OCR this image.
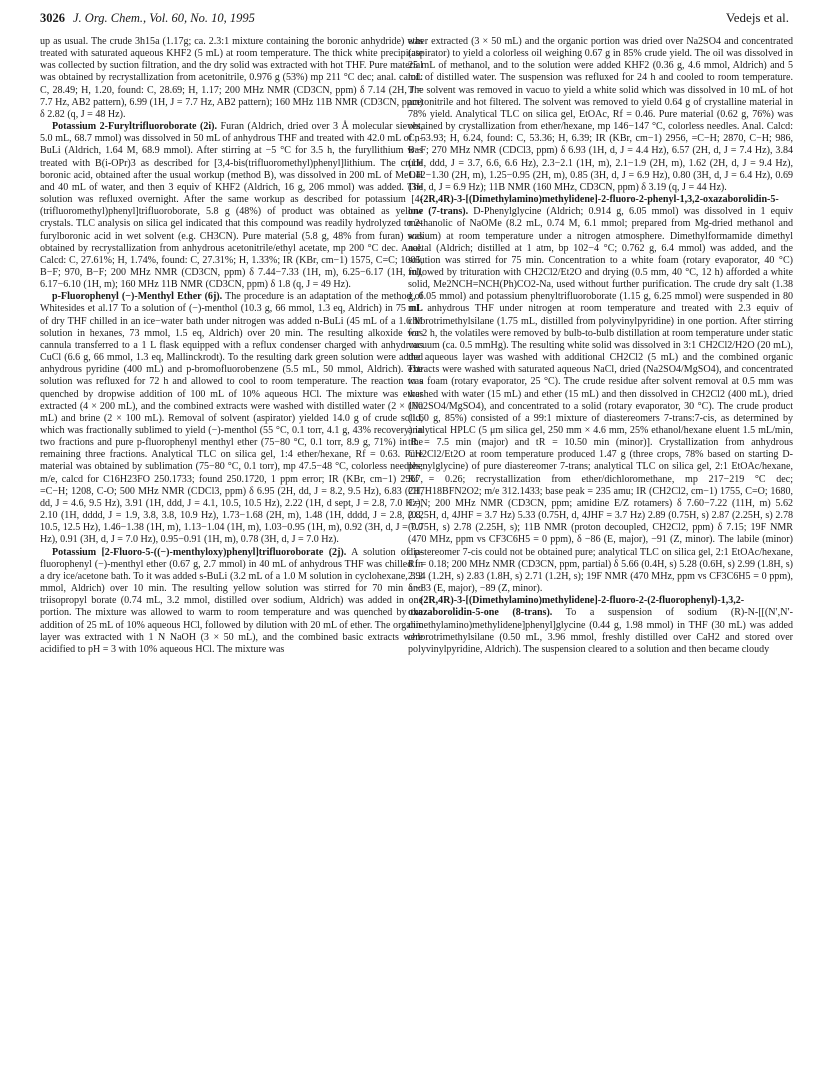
3026 J. Org. Chem., Vol. 60, No. 10, 1995	Vedejs et al.

up as usual. The crude 3h15a (1.17g; ca. 2.3:1 mixture containing the boronic anhydride) was treated with saturated aqueous KHF2 (5 mL) at room temperature. The thick white precipitate was collected by suction filtration, and the dry solid was extracted with hot THF. Pure material was obtained by recrystallization from acetonitrile, 0.976 g (53%) mp 211 °C dec; anal. calcd: C, 28.49; H, 1.20, found: C, 28.69; H, 1.17; 200 MHz NMR (CD3CN, ppm) δ 7.14 (2H, J = 7.7 Hz, AB2 pattern), 6.99 (1H, J = 7.7 Hz, AB2 pattern); 160 MHz 11B NMR (CD3CN, ppm) δ 2.82 (q, J = 48 Hz).

Potassium 2-Furyltrifluoroborate (2i). Furan (Aldrich, dried over 3 Å molecular sieves, 5.0 mL, 68.7 mmol) was dissolved in 50 mL of anhydrous THF and treated with 42.0 mL of n-BuLi (Aldrich, 1.64 M, 68.9 mmol). After stirring at −5 °C for 3.5 h, the furyllithium was treated with B(i-OPr)3 as described for [3,4-bis(trifluoromethyl)phenyl]lithium. The crude boronic acid, obtained after the usual workup (method B), was dissolved in 200 mL of MeOH and 40 mL of water, and then 3 equiv of KHF2 (Aldrich, 16 g, 206 mmol) was added. The solution was refluxed overnight. After the same workup as described for potassium [4-(trifluoromethyl)phenyl]trifluoroborate, 5.8 g (48%) of product was obtained as yellow crystals. TLC analysis on silica gel indicated that this compound was readily hydrolyzed to 2-furylboronic acid in wet solvent (e.g. CH3CN). Pure material (5.8 g, 48% from furan) was obtained by recrystallization from anhydrous acetonitrile/ethyl acetate, mp 200 °C dec. Anal. Calcd: C, 27.61%; H, 1.74%, found: C, 27.31%; H, 1.33%; IR (KBr, cm−1) 1575, C=C; 1005, B−F; 970, B−F; 200 MHz NMR (CD3CN, ppm) δ 7.44−7.33 (1H, m), 6.25−6.17 (1H, m), 6.17−6.10 (1H, m); 160 MHz 11B NMR (CD3CN, ppm) δ 1.8 (q, J = 49 Hz).

p-Fluorophenyl (−)-Menthyl Ether (6j). The procedure is an adaptation of the method of Whitesides et al.17 To a solution of (−)-menthol (10.3 g, 66 mmol, 1.3 eq, Aldrich) in 75 mL of dry THF chilled in an ice−water bath under nitrogen was added n-BuLi (45 mL of a 1.6 M solution in hexanes, 73 mmol, 1.5 eq, Aldrich) over 20 min. The resulting alkoxide was cannula transferred to a 1 L flask equipped with a reflux condenser charged with anhydrous CuCl (6.6 g, 66 mmol, 1.3 eq, Mallinckrodt). To the resulting dark green solution were added anhydrous pyridine (400 mL) and p-bromofluorobenzene (5.5 mL, 50 mmol, Aldrich). The solution was refluxed for 72 h and allowed to cool to room temperature. The reaction was quenched by dropwise addition of 100 mL of 10% aqueous HCl. The mixture was ether extracted (4 × 200 mL), and the combined extracts were washed with distilled water (2 × 100 mL) and brine (2 × 100 mL). Removal of solvent (aspirator) yielded 14.0 g of crude solid, which was fractionally sublimed to yield (−)-menthol (55 °C, 0.1 torr, 4.1 g, 43% recovery) in two fractions and pure p-fluorophenyl menthyl ether (75−80 °C, 0.1 torr, 8.9 g, 71%) in the remaining three fractions. Analytical TLC on silica gel, 1:4 ether/hexane, Rf = 0.63. Pure material was obtained by sublimation (75−80 °C, 0.1 torr), mp 47.5−48 °C, colorless needles; m/e, calcd for C16H23FO 250.1733; found 250.1720, 1 ppm error; IR (KBr, cm−1) 2967, =C−H; 1208, C-O; 500 MHz NMR (CDCl3, ppm) δ 6.95 (2H, dd, J = 8.2, 9.5 Hz), 6.83 (2H, dd, J = 4.6, 9.5 Hz), 3.91 (1H, ddd, J = 4.1, 10.5, 10.5 Hz), 2.22 (1H, d sept, J = 2.8, 7.0 Hz), 2.10 (1H, dddd, J = 1.9, 3.8, 3.8, 10.9 Hz), 1.73−1.68 (2H, m), 1.48 (1H, dddd, J = 2.8, 2.8, 10.5, 12.5 Hz), 1.46−1.38 (1H, m), 1.13−1.04 (1H, m), 1.03−0.95 (1H, m), 0.92 (3H, d, J = 7.0 Hz), 0.91 (3H, d, J = 7.0 Hz), 0.95−0.91 (1H, m), 0.78 (3H, d, J = 7.0 Hz).

Potassium [2-Fluoro-5-((−)-menthyloxy)phenyl]trifluoroborate (2j). A solution of p-fluorophenyl (−)-menthyl ether (0.67 g, 2.7 mmol) in 40 mL of anhydrous THF was chilled in a dry ice/acetone bath. To it was added s-BuLi (3.2 mL of a 1.0 M solution in cyclohexane, 3.2 mmol, Aldrich) over 10 min. The resulting yellow solution was stirred for 70 min and triisopropyl borate (0.74 mL, 3.2 mmol, distilled over sodium, Aldrich) was added in one portion. The mixture was allowed to warm to room temperature and was quenched by the addition of 25 mL of 10% aqueous HCl, followed by dilution with 20 mL of ether. The organic layer was extracted with 1 N NaOH (3 × 50 mL), and the combined basic extracts were acidified to pH = 3 with 10% aqueous HCl. The mixture was

ether extracted (3 × 50 mL) and the organic portion was dried over Na2SO4 and concentrated (aspirator) to yield a colorless oil weighing 0.67 g in 85% crude yield. The oil was dissolved in 25 mL of methanol, and to the solution were added KHF2 (0.36 g, 4.6 mmol, Aldrich) and 5 mL of distilled water. The suspension was refluxed for 24 h and cooled to room temperature. The solvent was removed in vacuo to yield a white solid which was dissolved in 10 mL of hot acetonitrile and hot filtered. The solvent was removed to yield 0.64 g of crystalline material in 78% yield. Analytical TLC on silica gel, EtOAc, Rf = 0.46. Pure material (0.62 g, 76%) was obtained by crystallization from ether/hexane, mp 146−147 °C, colorless needles. Anal. Calcd: C, 53.93; H, 6.24, found: C, 53.36; H, 6.39; IR (KBr, cm−1) 2956, =C−H; 2870, C−H; 986, B−F; 270 MHz NMR (CDCl3, ppm) δ 6.93 (1H, d, J = 4.4 Hz), 6.57 (2H, d, J = 7.4 Hz), 3.84 (1H, ddd, J = 3.7, 6.6, 6.6 Hz), 2.3−2.1 (1H, m), 2.1−1.9 (2H, m), 1.62 (2H, d, J = 9.4 Hz), 1.42−1.30 (2H, m), 1.25−0.95 (2H, m), 0.85 (3H, d, J = 6.9 Hz), 0.80 (3H, d, J = 6.4 Hz), 0.69 (3H, d, J = 6.9 Hz); 11B NMR (160 MHz, CD3CN, ppm) δ 3.19 (q, J = 44 Hz).

(2R,4R)-3-[(Dimethylamino)methylidene]-2-fluoro-2-phenyl-1,3,2-oxazaborolidin-5-one (7-trans). D-Phenylglycine (Aldrich; 0.914 g, 6.05 mmol) was dissolved in 1 equiv methanolic of NaOMe (8.2 mL, 0.74 M, 6.1 mmol; prepared from Mg-dried methanol and sodium) at room temperature under a nitrogen atmosphere. Dimethylformamide dimethyl acetal (Aldrich; distilled at 1 atm, bp 102−4 °C; 0.762 g, 6.4 mmol) was added, and the solution was stirred for 75 min. Concentration to a white foam (rotary evaporator, 40 °C) followed by trituration with CH2Cl2/Et2O and drying (0.5 mm, 40 °C, 12 h) afforded a white solid, Me2NCH=NCH(Ph)CO2-Na, used without further purification. The crude dry salt (1.38 g, 6.05 mmol) and potassium phenyltrifluoroborate (1.15 g, 6.25 mmol) were suspended in 80 mL anhydrous THF under nitrogen at room temperature and treated with 2.3 equiv of chlorotrimethylsilane (1.75 mL, distilled from polyvinylpyridine) in one portion. After stirring for 2 h, the volatiles were removed by bulb-to-bulb distillation at room temperature under static vacuum (ca. 0.5 mmHg). The resulting white solid was dissolved in 3:1 CH2Cl2/H2O (20 mL), the aqueous layer was washed with additional CH2Cl2 (5 mL) and the combined organic extracts were washed with saturated aqueous NaCl, dried (Na2SO4/MgSO4), and concentrated to a foam (rotary evaporator, 25 °C). The crude residue after solvent removal at 0.5 mm was washed with water (15 mL) and ether (15 mL) and then dissolved in CH2Cl2 (400 mL), dried (Na2SO4/MgSO4), and concentrated to a solid (rotary evaporator, 30 °C). The crude product (1.60 g, 85%) consisted of a 99:1 mixture of diastereomers 7-trans:7-cis, as determined by analytical HPLC (5 μm silica gel, 250 mm × 4.6 mm, 25% ethanol/hexane eluent 1.5 mL/min, tR = 7.5 min (major) and tR = 10.50 min (minor)]. Crystallization from anhydrous CH2Cl2/Et2O at room temperature produced 1.47 g (three crops, 78% based on starting D-phenylglycine) of pure diastereomer 7-trans; analytical TLC on silica gel, 2:1 EtOAc/hexane, Rf = 0.26; recrystallization from ether/dichloromethane, mp 217−219 °C dec; C17H18BFN2O2; m/e 312.1433; base peak = 235 amu; IR (CH2Cl2, cm−1) 1755, C=O; 1680, C=N; 200 MHz NMR (CD3CN, ppm; amidine E/Z rotamers) δ 7.60−7.22 (11H, m) 5.62 (0.25H, d, 4JHF = 3.7 Hz) 5.33 (0.75H, d, 4JHF = 3.7 Hz) 2.89 (0.75H, s) 2.87 (2.25H, s) 2.78 (0.75H, s) 2.78 (2.25H, s); 11B NMR (proton decoupled, CH2Cl2, ppm) δ 7.15; 19F NMR (470 MHz, ppm vs CF3C6H5 = 0 ppm), δ −86 (E, major), −91 (Z, minor). The labile (minor) diastereomer 7-cis could not be obtained pure; analytical TLC on silica gel, 2:1 EtOAc/hexane, Rf = 0.18; 200 MHz NMR (CD3CN, ppm, partial) δ 5.66 (0.4H, s) 5.28 (0.6H, s) 2.99 (1.8H, s) 2.94 (1.2H, s) 2.83 (1.8H, s) 2.71 (1.2H, s); 19F NMR (470 MHz, ppm vs CF3C6H5 = 0 ppm), δ −83 (E, major), −89 (Z, minor).

(2R,4R)-3-[(Dimethylamino)methylidene]-2-fluoro-2-(2-fluorophenyl)-1,3,2-oxazaborolidin-5-one (8-trans). To a suspension of sodium (R)-N-[[(N′,N′-dimethylamino)methylidene]phenyl]glycine (0.44 g, 1.98 mmol) in THF (30 mL) was added chlorotrimethylsilane (0.50 mL, 3.96 mmol, freshly distilled over CaH2 and stored over polyvinylpyridine, Aldrich). The suspension cleared to a solution and then became cloudy
